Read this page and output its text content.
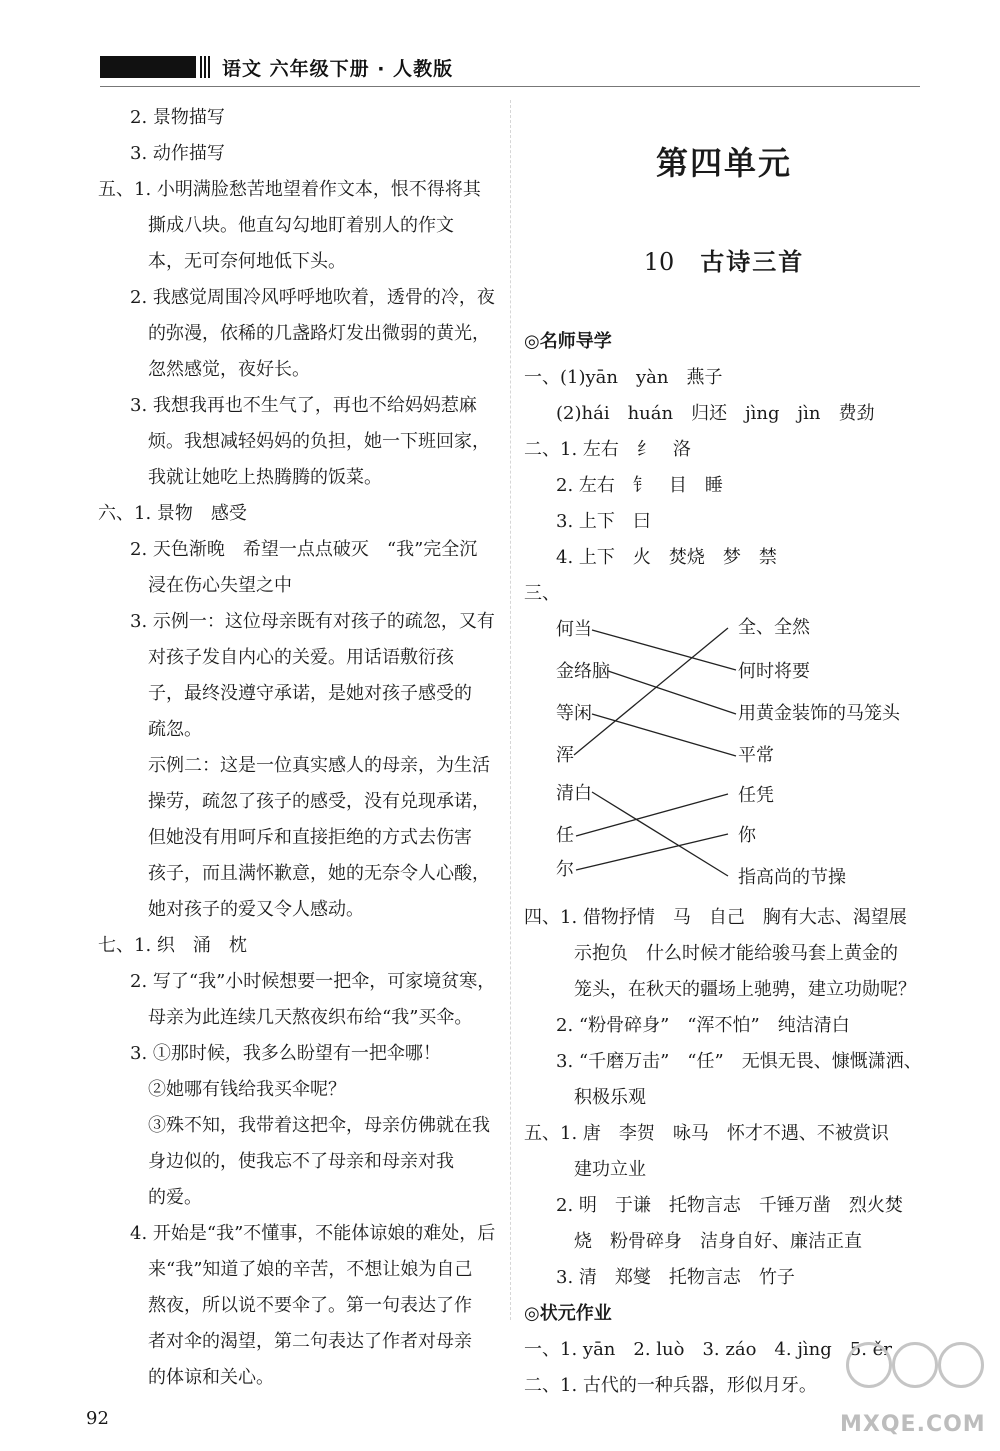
语文 六年级下册 · 人教版
2. 景物描写
3. 动作描写
五、1. 小明满脸愁苦地望着作文本，恨不得将其
撕成八块。他直勾勾地盯着别人的作文
本，无可奈何地低下头。
2. 我感觉周围冷风呼呼地吹着，透骨的冷，夜
的弥漫，依稀的几盏路灯发出微弱的黄光，
忽然感觉，夜好长。
3. 我想我再也不生气了，再也不给妈妈惹麻
烦。我想减轻妈妈的负担，她一下班回家，
我就让她吃上热腾腾的饭菜。
六、1. 景物　感受
2. 天色渐晚　希望一点点破灭　“我”完全沉
浸在伤心失望之中
3. 示例一：这位母亲既有对孩子的疏忽，又有
对孩子发自内心的关爱。用话语敷衍孩
子，最终没遵守承诺，是她对孩子感受的
疏忽。
示例二：这是一位真实感人的母亲，为生活
操劳，疏忽了孩子的感受，没有兑现承诺，
但她没有用呵斥和直接拒绝的方式去伤害
孩子，而且满怀歉意，她的无奈令人心酸，
她对孩子的爱又令人感动。
七、1. 织　涌　枕
2. 写了“我”小时候想要一把伞，可家境贫寒，
母亲为此连续几天熬夜织布给“我”买伞。
3. ①那时候，我多么盼望有一把伞哪！
②她哪有钱给我买伞呢？
③殊不知，我带着这把伞，母亲仿佛就在我
身边似的，使我忘不了母亲和母亲对我
的爱。
4. 开始是“我”不懂事，不能体谅娘的难处，后
来“我”知道了娘的辛苦，不想让娘为自己
熬夜，所以说不要伞了。第一句表达了作
者对伞的渴望，第二句表达了作者对母亲
的体谅和关心。
第四单元
10 古诗三首
◎名师导学
一、(1)yān　yàn　燕子
(2)hái　huán　归还　jìng　jìn　费劲
二、1. 左右　纟　洛
2. 左右　钅　目　睡
3. 上下　曰
4. 上下　火　焚烧　梦　禁
三、
何当
金络脑
等闲
浑
清白
任
尔
全、全然
何时将要
用黄金装饰的马笼头
平常
任凭
你
指高尚的节操
四、1. 借物抒情　马　自己　胸有大志、渴望展
示抱负　什么时候才能给骏马套上黄金的
笼头，在秋天的疆场上驰骋，建立功勋呢？
2. “粉骨碎身”　“浑不怕”　纯洁清白
3. “千磨万击”　“任”　无惧无畏、慷慨潇洒、
积极乐观
五、1. 唐　李贺　咏马　怀才不遇、不被赏识
建功立业
2. 明　于谦　托物言志　千锤万凿　烈火焚
烧　粉骨碎身　洁身自好、廉洁正直
3. 清　郑燮　托物言志　竹子
◎状元作业
一、1. yān　2. luò　3. záo　4. jìng　5. ěr
二、1. 古代的一种兵器，形似月牙。
92	MXQE.COM
